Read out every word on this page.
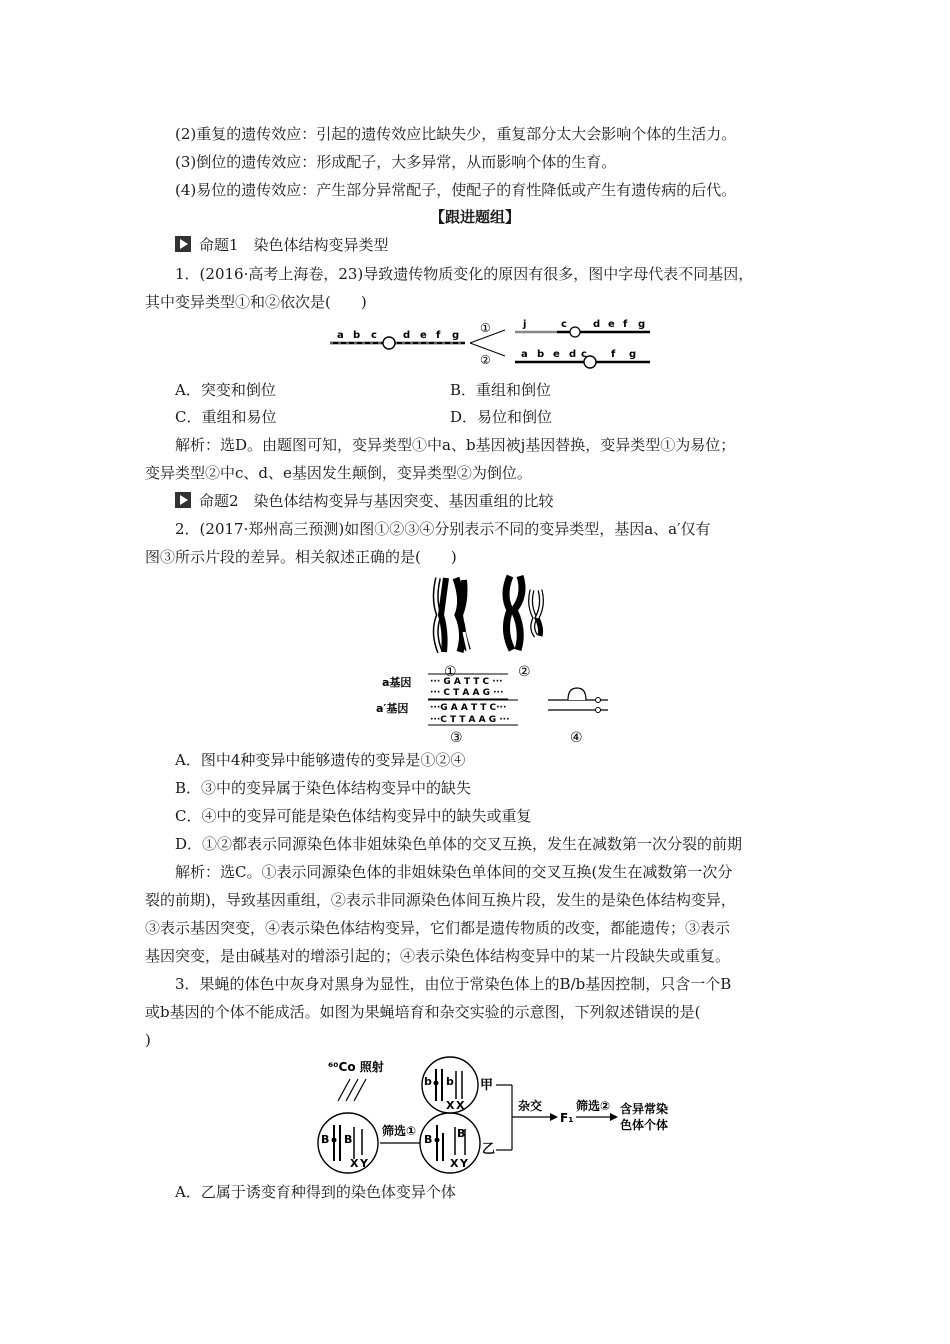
(2)重复的遗传效应：引起的遗传效应比缺失少，重复部分太大会影响个体的生活力。
(3)倒位的遗传效应：形成配子，大多异常，从而影响个体的生育。
(4)易位的遗传效应：产生部分异常配子，使配子的育性降低或产生有遗传病的后代。
【跟进题组】
命题1　染色体结构变异类型
1．(2016·高考上海卷，23)导致遗传物质变化的原因有很多，图中字母代表不同基因，
其中变异类型①和②依次是(　　)
a b c	d e f g
①
②
j	c	d e f g
a b e d c f g
A．突变和倒位	B．重组和倒位
C．重组和易位	D．易位和倒位
解析：选D。由题图可知，变异类型①中a、b基因被j基因替换，变异类型①为易位；
变异类型②中c、d、e基因发生颠倒，变异类型②为倒位。
命题2　染色体结构变异与基因突变、基因重组的比较
2．(2017·郑州高三预测)如图①②③④分别表示不同的变异类型，基因a、a′仅有
图③所示片段的差异。相关叙述正确的是(　　)
①	②
a基因 ··· G A T T C ···
··· C T A A G ···
a′基因 ···G A A T T C···
···C T T A A G ···
③	④
A．图中4种变异中能够遗传的变异是①②④
B．③中的变异属于染色体结构变异中的缺失
C．④中的变异可能是染色体结构变异中的缺失或重复
D．①②都表示同源染色体非姐妹染色单体的交叉互换，发生在减数第一次分裂的前期
解析：选C。①表示同源染色体的非姐妹染色单体间的交叉互换(发生在减数第一次分
裂的前期)，导致基因重组，②表示非同源染色体间互换片段，发生的是染色体结构变异，
③表示基因突变，④表示染色体结构变异，它们都是遗传物质的改变，都能遗传；③表示
基因突变，是由碱基对的增添引起的；④表示染色体结构变异中的某一片段缺失或重复。
3．果蝇的体色中灰身对黑身为显性，由位于常染色体上的B/b基因控制，只含一个B
或b基因的个体不能成活。如图为果蝇培育和杂交实验的示意图，下列叙述错误的是(　　
)
⁶⁰Co 照射
B B
X Y
筛选①
B B
X Y
乙
b b
X X
甲
杂交
F₁
筛选② 含异常染
色体个体
A．乙属于诱变育种得到的染色体变异个体
